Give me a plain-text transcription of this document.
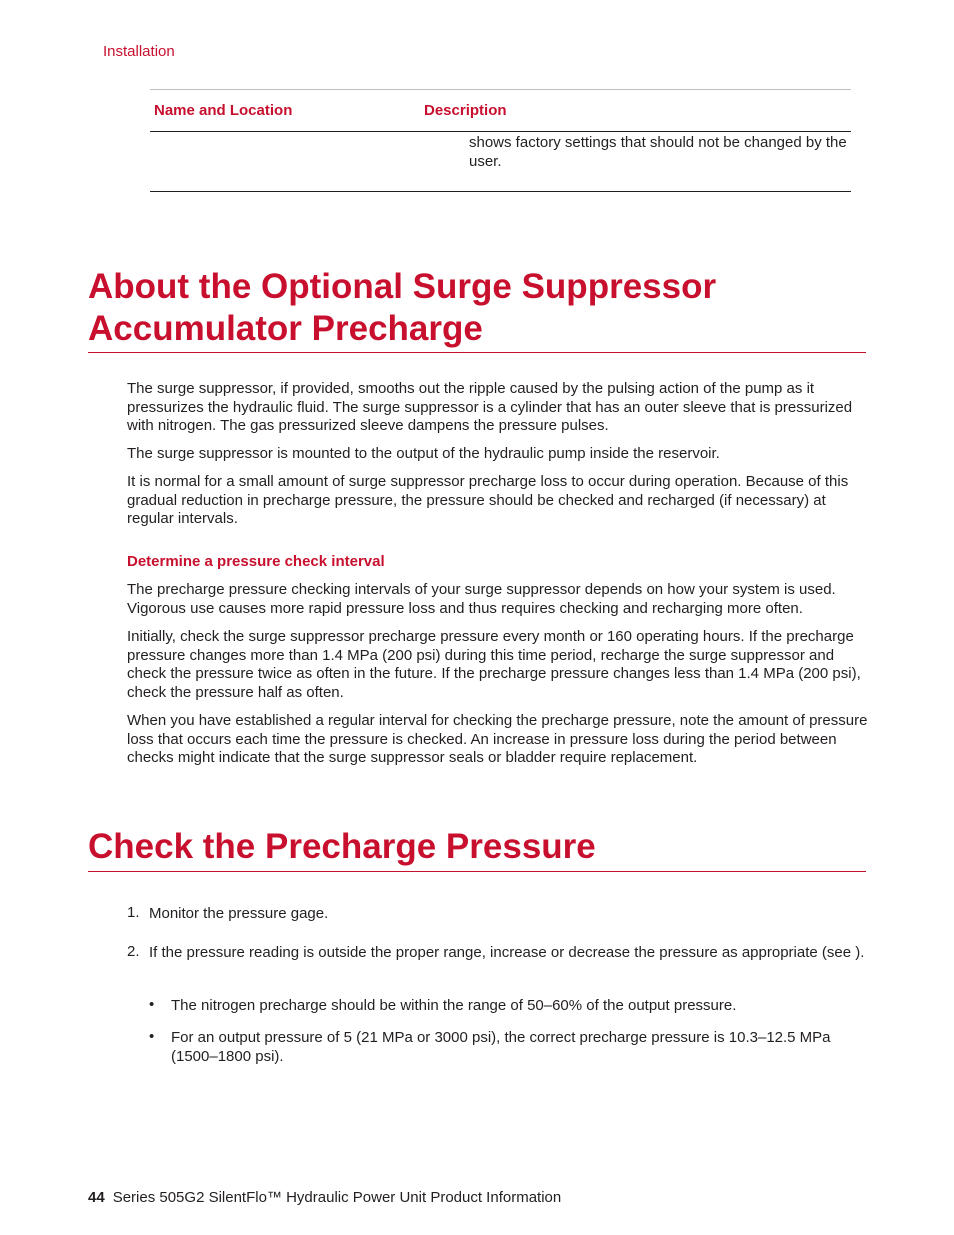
Installation
Name and Location	Description
shows factory settings that should not be changed by the user.
About the Optional Surge Suppressor
Accumulator Precharge
The surge suppressor, if provided, smooths out the ripple caused by the pulsing action of the pump as it pressurizes the hydraulic fluid. The surge suppressor is a cylinder that has an outer sleeve that is pressurized with nitrogen. The gas pressurized sleeve dampens the pressure pulses.
The surge suppressor is mounted to the output of the hydraulic pump inside the reservoir.
It is normal for a small amount of surge suppressor precharge loss to occur during operation. Because of this gradual reduction in precharge pressure, the pressure should be checked and recharged (if necessary) at regular intervals.
Determine a pressure check interval
The precharge pressure checking intervals of your surge suppressor depends on how your system is used. Vigorous use causes more rapid pressure loss and thus requires checking and recharging more often.
Initially, check the surge suppressor precharge pressure every month or 160 operating hours. If the precharge pressure changes more than 1.4 MPa (200 psi) during this time period, recharge the surge suppressor and check the pressure twice as often in the future. If the precharge pressure changes less than 1.4 MPa (200 psi), check the pressure half as often.
When you have established a regular interval for checking the precharge pressure, note the amount of pressure loss that occurs each time the pressure is checked. An increase in pressure loss during the period between checks might indicate that the surge suppressor seals or bladder require replacement.
Check the Precharge Pressure
1. Monitor the pressure gage.
2. If the pressure reading is outside the proper range, increase or decrease the pressure as appropriate (see ).
• The nitrogen precharge should be within the range of 50–60% of the output pressure.
• For an output pressure of 5 (21 MPa or 3000 psi), the correct precharge pressure is 10.3–12.5 MPa (1500–1800 psi).
44 Series 505G2 SilentFlo™ Hydraulic Power Unit Product Information
